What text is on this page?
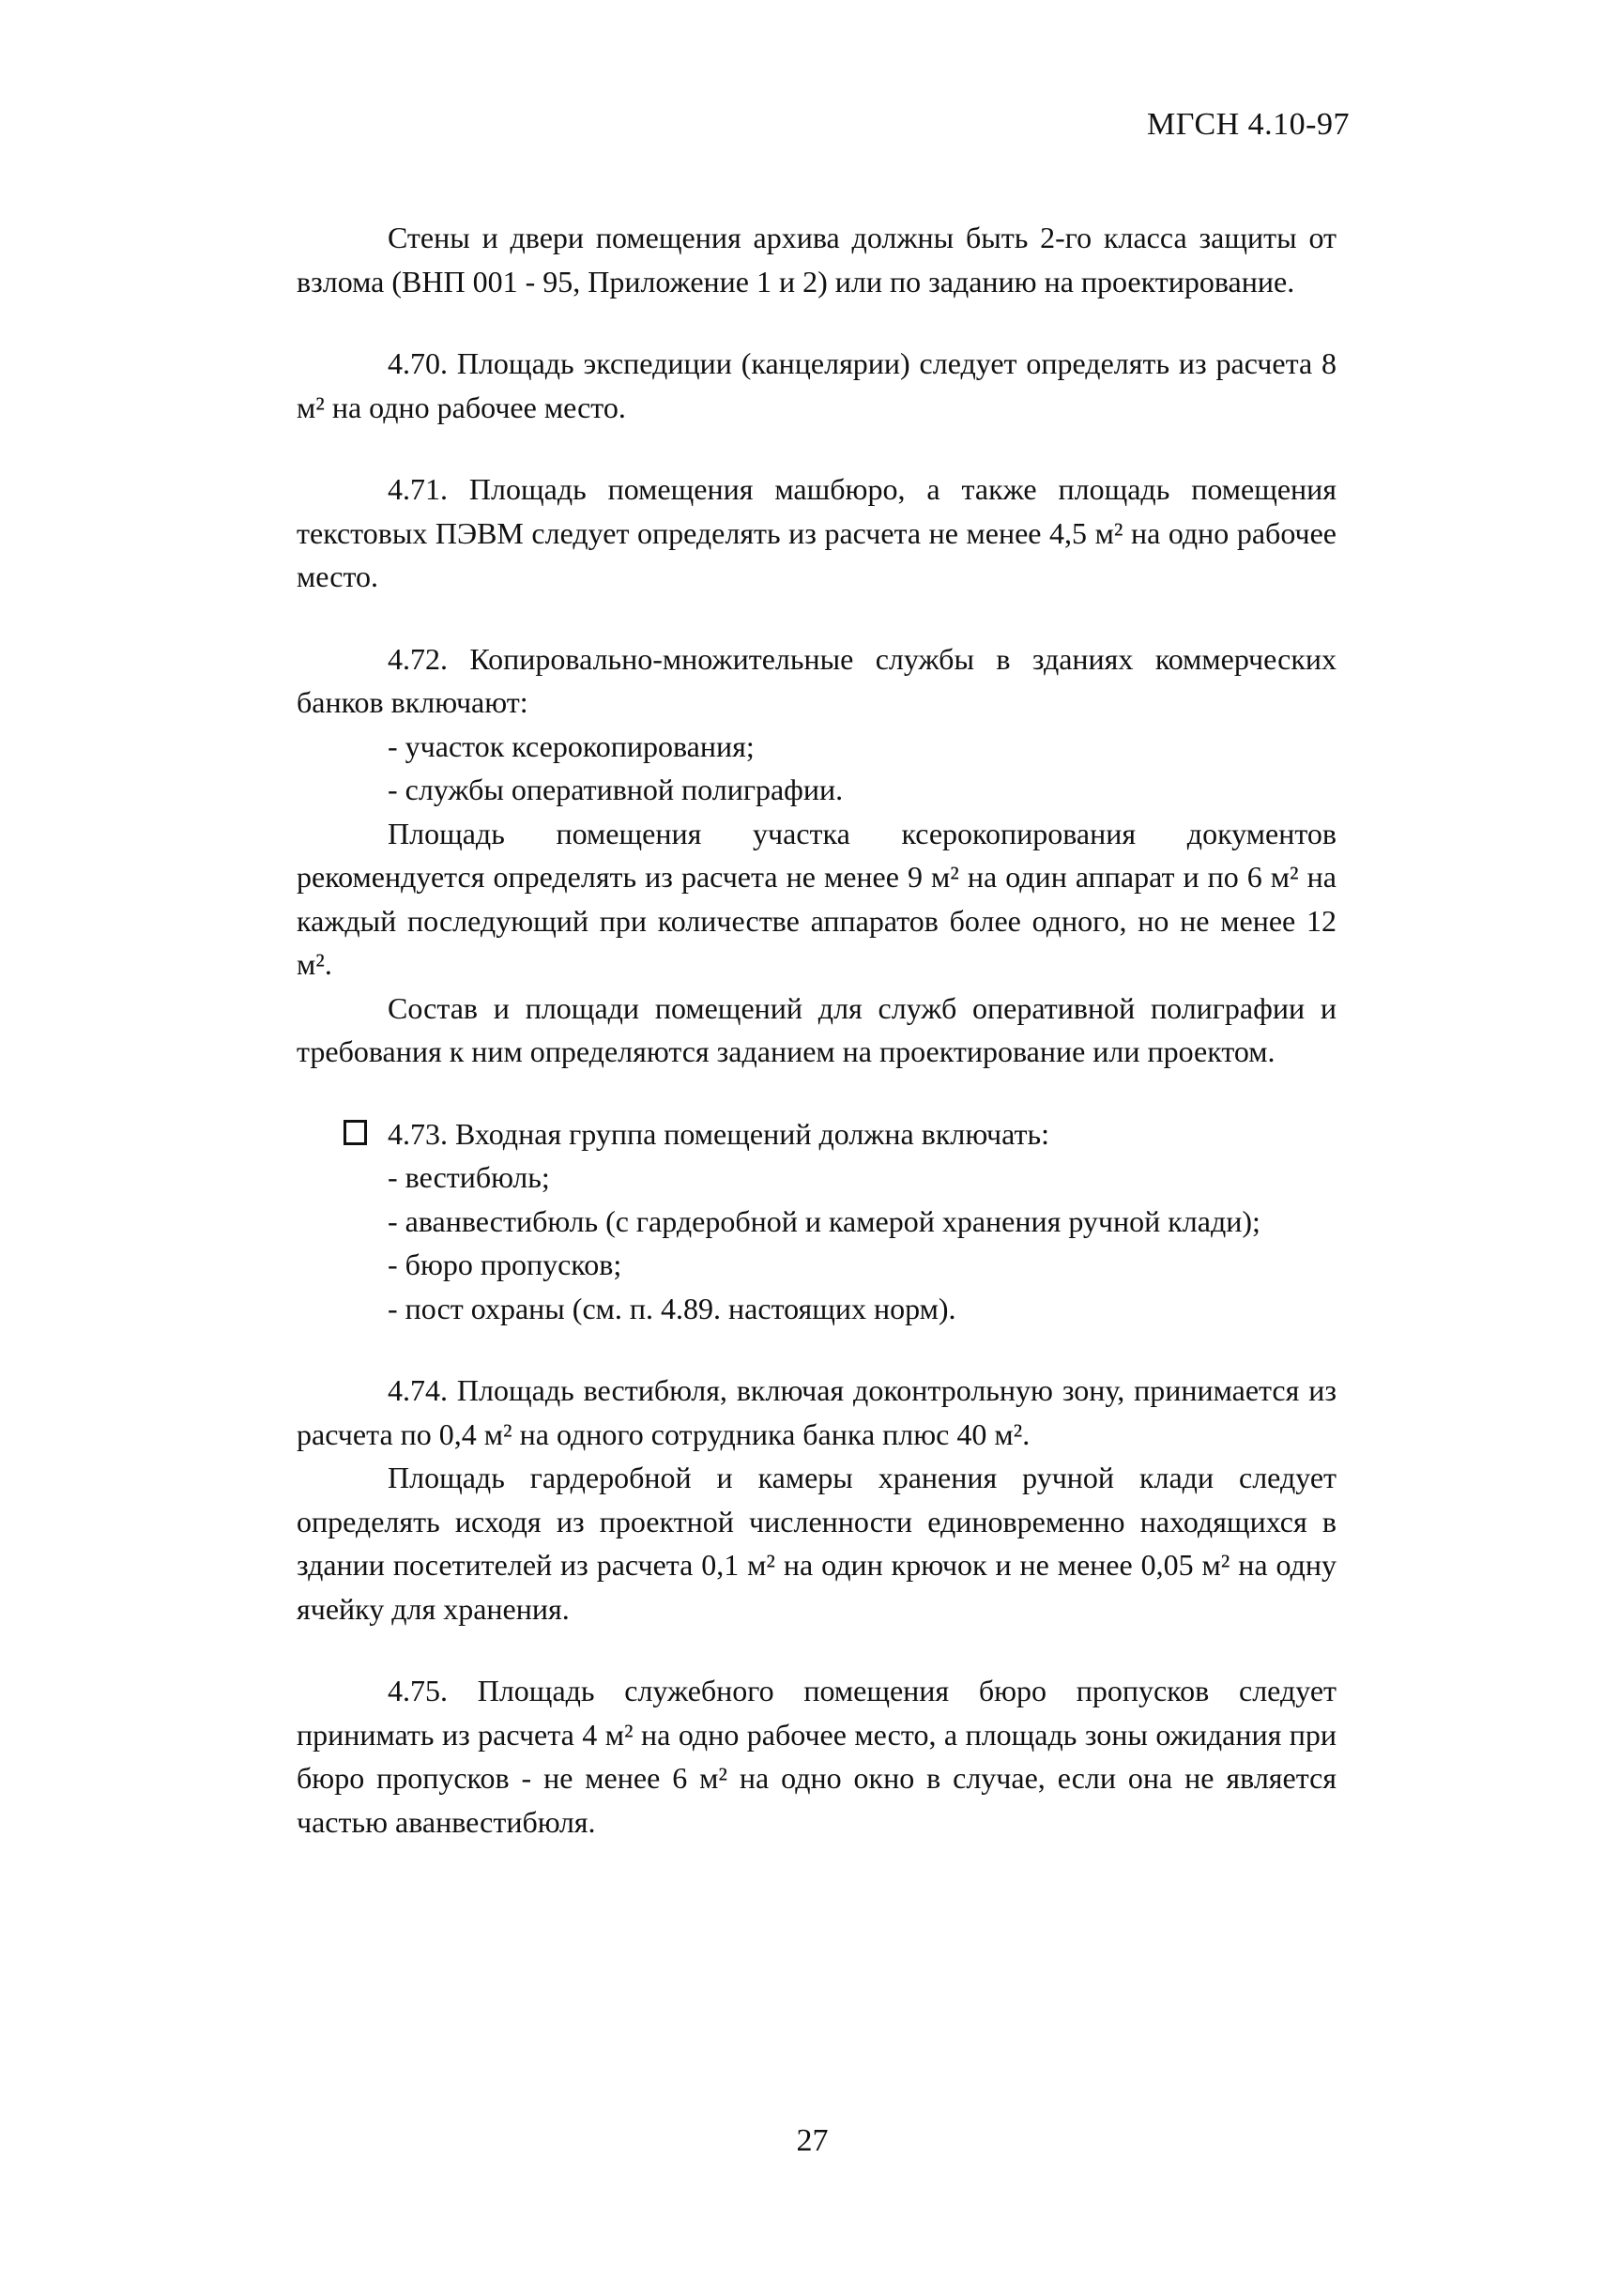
МГСН 4.10-97

Стены и двери помещения архива должны быть 2-го класса защиты от взлома (ВНП 001 - 95, Приложение 1 и 2) или по заданию на проектирование.

4.70. Площадь экспедиции (канцелярии) следует определять из расчета 8 м² на одно рабочее место.

4.71. Площадь помещения машбюро, а также площадь помещения текстовых ПЭВМ следует определять из расчета не менее 4,5 м² на одно рабочее место.

4.72. Копировально-множительные службы в зданиях коммерческих банков включают:

- участок ксерокопирования;

- службы оперативной полиграфии.

Площадь помещения участка ксерокопирования документов рекомендуется определять из расчета не менее 9 м² на один аппарат и по 6 м² на каждый последующий при количестве аппаратов более одного, но не менее 12 м².

Состав и площади помещений для служб оперативной полиграфии и требования к ним определяются заданием на проектирование или проектом.

4.73. Входная группа помещений должна включать:

- вестибюль;

- аванвестибюль (с гардеробной и камерой хранения ручной клади);

- бюро пропусков;

- пост охраны (см. п. 4.89. настоящих норм).

4.74. Площадь вестибюля, включая доконтрольную зону, принимается из расчета по 0,4 м² на одного сотрудника банка плюс 40 м².

Площадь гардеробной и камеры хранения ручной клади следует определять исходя из проектной численности единовременно находящихся в здании посетителей из расчета 0,1 м² на один крючок и не менее 0,05 м² на одну ячейку для хранения.

4.75. Площадь служебного помещения бюро пропусков следует принимать из расчета 4 м² на одно рабочее место, а площадь зоны ожидания при бюро пропусков - не менее 6 м² на одно окно в случае, если она не является частью аванвестибюля.

27
